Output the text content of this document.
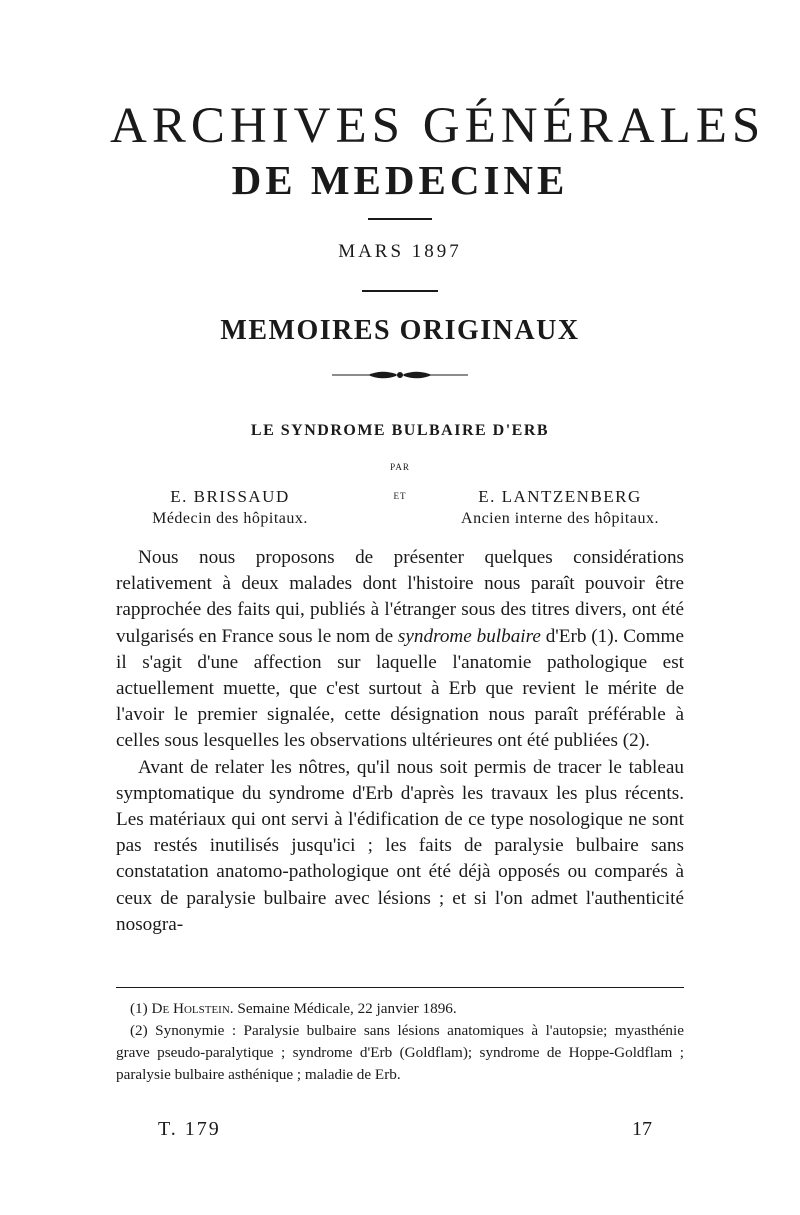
ARCHIVES GÉNÉRALES
DE MEDECINE
MARS 1897
MEMOIRES ORIGINAUX
LE SYNDROME BULBAIRE D'ERB
PAR
E. BRISSAUD
Médecin des hôpitaux.
ET	E. LANTZENBERG
Ancien interne des hôpitaux.

Nous nous proposons de présenter quelques considérations relativement à deux malades dont l'histoire nous paraît pouvoir être rapprochée des faits qui, publiés à l'étranger sous des titres divers, ont été vulgarisés en France sous le nom de syndrome bulbaire d'Erb (1). Comme il s'agit d'une affection sur laquelle l'anatomie pathologique est actuellement muette, que c'est surtout à Erb que revient le mérite de l'avoir le premier signalée, cette désignation nous paraît préférable à celles sous lesquelles les observations ultérieures ont été publiées (2).

Avant de relater les nôtres, qu'il nous soit permis de tracer le tableau symptomatique du syndrome d'Erb d'après les travaux les plus récents. Les matériaux qui ont servi à l'édification de ce type nosologique ne sont pas restés inutilisés jusqu'ici ; les faits de paralysie bulbaire sans constatation anatomo-pathologique ont été déjà opposés ou comparés à ceux de paralysie bulbaire avec lésions ; et si l'on admet l'authenticité nosogra-

(1) De Holstein. Semaine Médicale, 22 janvier 1896.

(2) Synonymie : Paralysie bulbaire sans lésions anatomiques à l'autopsie; myasthénie grave pseudo-paralytique ; syndrome d'Erb (Goldflam); syndrome de Hoppe-Goldflam ; paralysie bulbaire asthénique ; maladie de Erb.

T. 179	17
